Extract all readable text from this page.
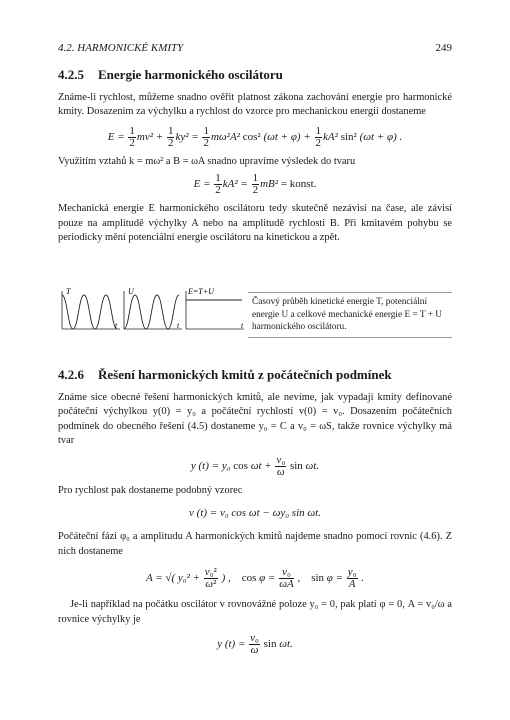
4.2. HARMONICKÉ KMITY	249
4.2.5 Energie harmonického oscilátoru

Známe-li rychlost, můžeme snadno ověřit platnost zákona zachování energie pro harmonické kmity. Dosazením za výchylku a rychlost do vzorce pro mechanickou energii dostaneme

$E = \frac{1}{2} mv^2 + \frac{1}{2} ky^2 = \frac{1}{2} m\omega^2A^2$ cos² $(\omega t + \varphi) + \frac{1}{2} kA^2$ sin² (ωt + φ) .

Využitím vztahů k = mω² a B = ωA snadno upravíme výsledek do tvaru

$E = \frac{1}{2} kA^2 = \frac{1}{2} mB^2$ = konst.

Mechanická energie E harmonického oscilátoru tedy skutečně nezávisí na čase, ale závisí pouze na amplitudě výchylky A nebo na amplitudě rychlosti B. Při kmitavém pohybu se periodicky mění potenciální energie oscilátoru na kinetickou a zpět.

T
t
U
t
E=T+U
t
Časový průběh kinetické energie T, potenciální energie U a celkové mechanické energie E = T + U harmonického oscilátoru.
4.2.6 Řešení harmonických kmitů z počátečních podmínek

Známe sice obecné řešení harmonických kmitů, ale nevíme, jak vypadají kmity definované počáteční výchylkou y(0) = y₀ a počáteční rychlostí v(0) = v₀. Dosazením počátečních podmínek do obecného řešení (4.5) dostaneme y₀ = C a v₀ = ωS, takže rovnice výchylky má tvar

y (t) = y₀ $\cos \omega t + \frac{\text{v₀}}{\omega}$ sin ωt.

Pro rychlost pak dostaneme podobný vzorec

v (t) = v₀ cos ωt − ωy₀ sin ωt.

Počáteční fázi φ₀ a amplitudu A harmonických kmitů najdeme snadno pomocí rovnic (4.6). Z nich dostaneme

A = √( $y_0^2 + \frac{\text{v₀²}}{\text{ω²}}$ ) ,    $\cos \varphi = \frac{\text{v₀}}{\omega A}$ ,    $\sin \varphi = \frac{\text{y₀}}{A}$ .

Je-li například na počátku oscilátor v rovnovážné poloze y₀ = 0, pak platí φ = 0, A = v₀/ω a rovnice výchylky je

y $(t) = \frac{\text{v₀}}{\omega}$ sin ωt.
